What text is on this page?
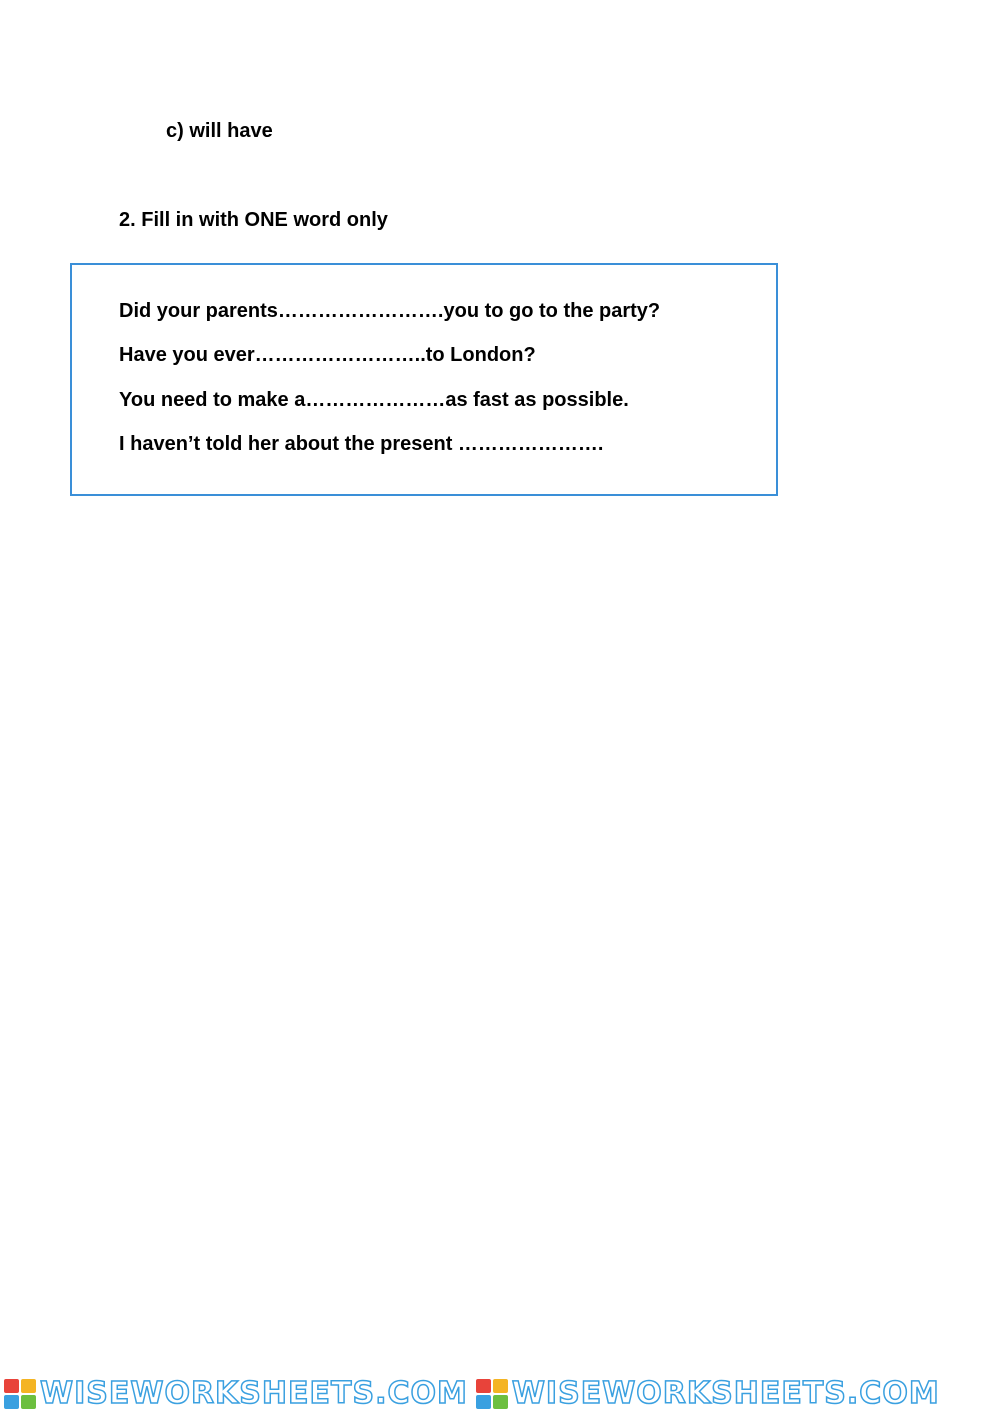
c) will have

2. Fill in with ONE word only

Did your parents…………………….you to go to the party?

Have you ever……………………..to London?

You need to make a…………………as fast as possible.

I haven’t told her about the present ………………….

WISEWORKSHEETS.COM WISEWORKSHEETS.COM
